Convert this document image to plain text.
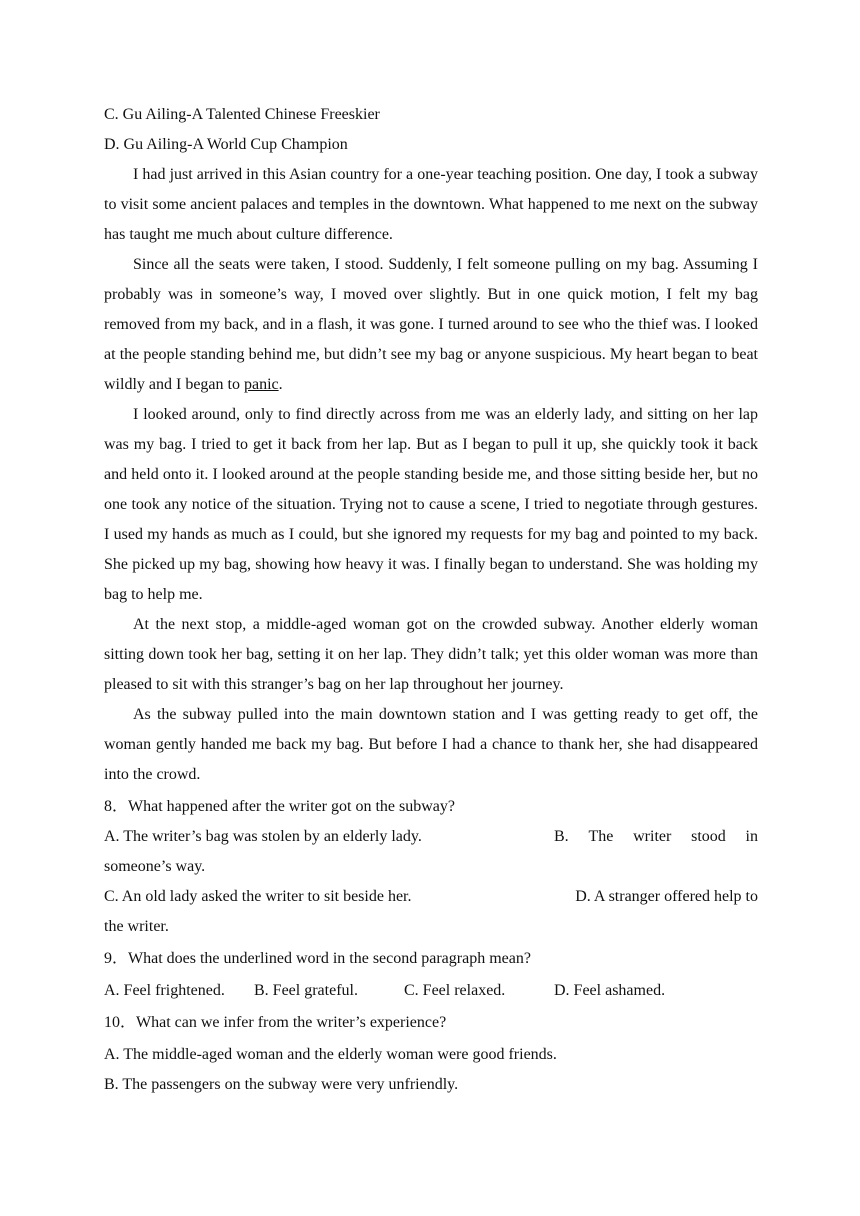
C. Gu Ailing-A Talented Chinese Freeskier
D. Gu Ailing-A World Cup Champion

I had just arrived in this Asian country for a one-year teaching position. One day, I took a subway to visit some ancient palaces and temples in the downtown. What happened to me next on the subway has taught me much about culture difference.

Since all the seats were taken, I stood. Suddenly, I felt someone pulling on my bag. Assuming I probably was in someone’s way, I moved over slightly. But in one quick motion, I felt my bag removed from my back, and in a flash, it was gone. I turned around to see who the thief was. I looked at the people standing behind me, but didn’t see my bag or anyone suspicious. My heart began to beat wildly and I began to panic.

I looked around, only to find directly across from me was an elderly lady, and sitting on her lap was my bag. I tried to get it back from her lap. But as I began to pull it up, she quickly took it back and held onto it. I looked around at the people standing beside me, and those sitting beside her, but no one took any notice of the situation. Trying not to cause a scene, I tried to negotiate through gestures. I used my hands as much as I could, but she ignored my requests for my bag and pointed to my back. She picked up my bag, showing how heavy it was. I finally began to understand. She was holding my bag to help me.

At the next stop, a middle-aged woman got on the crowded subway. Another elderly woman sitting down took her bag, setting it on her lap. They didn’t talk; yet this older woman was more than pleased to sit with this stranger’s bag on her lap throughout her journey.

As the subway pulled into the main downtown station and I was getting ready to get off, the woman gently handed me back my bag. But before I had a chance to thank her, she had disappeared into the crowd.

8．What happened after the writer got on the subway?
A. The writer’s bag was stolen by an elderly lady.	B. The writer stood in
someone’s way.
C. An old lady asked the writer to sit beside her.	D. A stranger offered help to
the writer.
9．What does the underlined word in the second paragraph mean?
A. Feel frightened. B. Feel grateful.	C. Feel relaxed.	D. Feel ashamed.
10．What can we infer from the writer’s experience?
A. The middle-aged woman and the elderly woman were good friends.
B. The passengers on the subway were very unfriendly.
